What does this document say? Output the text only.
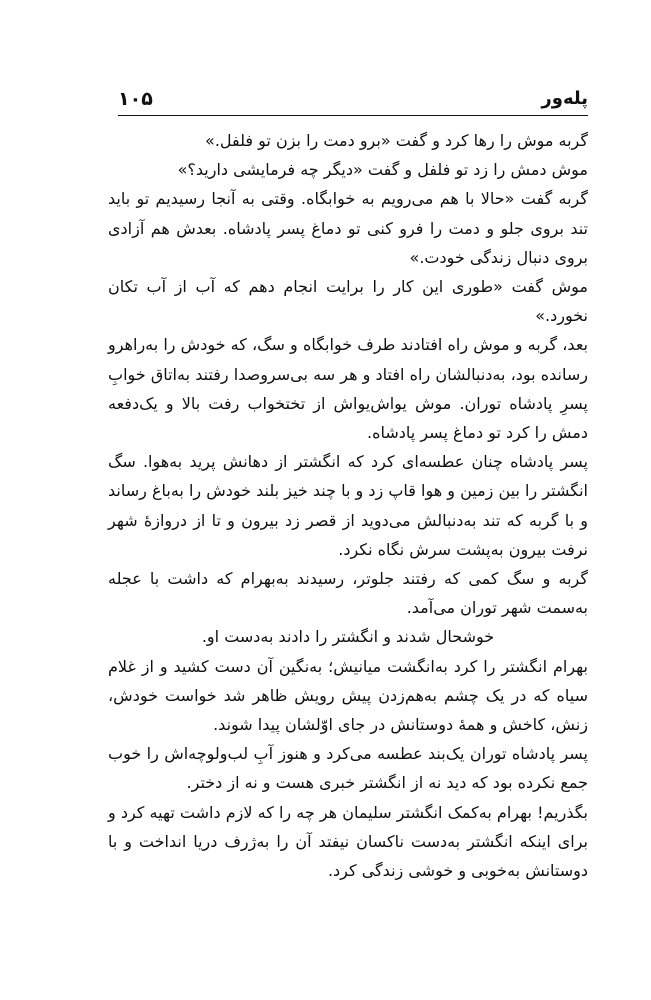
۱۰۵	پله‌ور

گربه موش را رها کرد و گفت «برو دمت را بزن تو فلفل.»

موش دمش را زد تو فلفل و گفت «دیگر چه فرمایشی دارید؟»

گربه گفت «حالا با هم می‌رویم به خوابگاه. وقتی به آنجا رسیدیم تو باید تند بروی جلو و دمت را فرو کنی تو دماغ پسر پادشاه. بعدش هم آزادی بروی دنبال زندگی خودت.»

موش گفت «طوری این کار را برایت انجام دهم که آب از آب تکان نخورد.»

بعد، گربه و موش راه افتادند طرف خوابگاه و سگ، که خودش را به‌راهرو رسانده بود، به‌دنبالشان راه افتاد و هر سه بی‌سروصدا رفتند به‌اتاق خوابِ پسرِ پادشاه توران. موش یواش‌یواش از تختخواب رفت بالا و یک‌دفعه دمش را کرد تو دماغ پسر پادشاه.

پسر پادشاه چنان عطسه‌ای کرد که انگشتر از دهانش پرید به‌هوا. سگ انگشتر را بین زمین و هوا قاپ زد و با چند خیز بلند خودش را به‌باغ رساند و با گربه که تند به‌دنبالش می‌دوید از قصر زد بیرون و تا از دروازهٔ شهر نرفت بیرون به‌پشت سرش نگاه نکرد.

گربه و سگ کمی که رفتند جلوتر، رسیدند به‌بهرام که داشت با عجله به‌سمت شهر توران می‌آمد.

خوشحال شدند و انگشتر را دادند به‌دست او.

بهرام انگشتر را کرد به‌انگشت میانیش؛ به‌نگین آن دست کشید و از غلام سیاه که در یک چشم به‌هم‌زدن پیش رویش ظاهر شد خواست خودش، زنش، کاخش و همهٔ دوستانش در جای اوّلشان پیدا شوند.

پسر پادشاه توران یک‌بند عطسه می‌کرد و هنوز آبِ لب‌ولوچه‌اش را خوب جمع نکرده بود که دید نه از انگشتر خبری هست و نه از دختر.

بگذریم! بهرام به‌کمک انگشتر سلیمان هر چه را که لازم داشت تهیه کرد و برای اینکه انگشتر به‌دست ناکسان نیفتد آن را به‌ژرف دریا انداخت و با دوستانش به‌خوبی و خوشی زندگی کرد.
